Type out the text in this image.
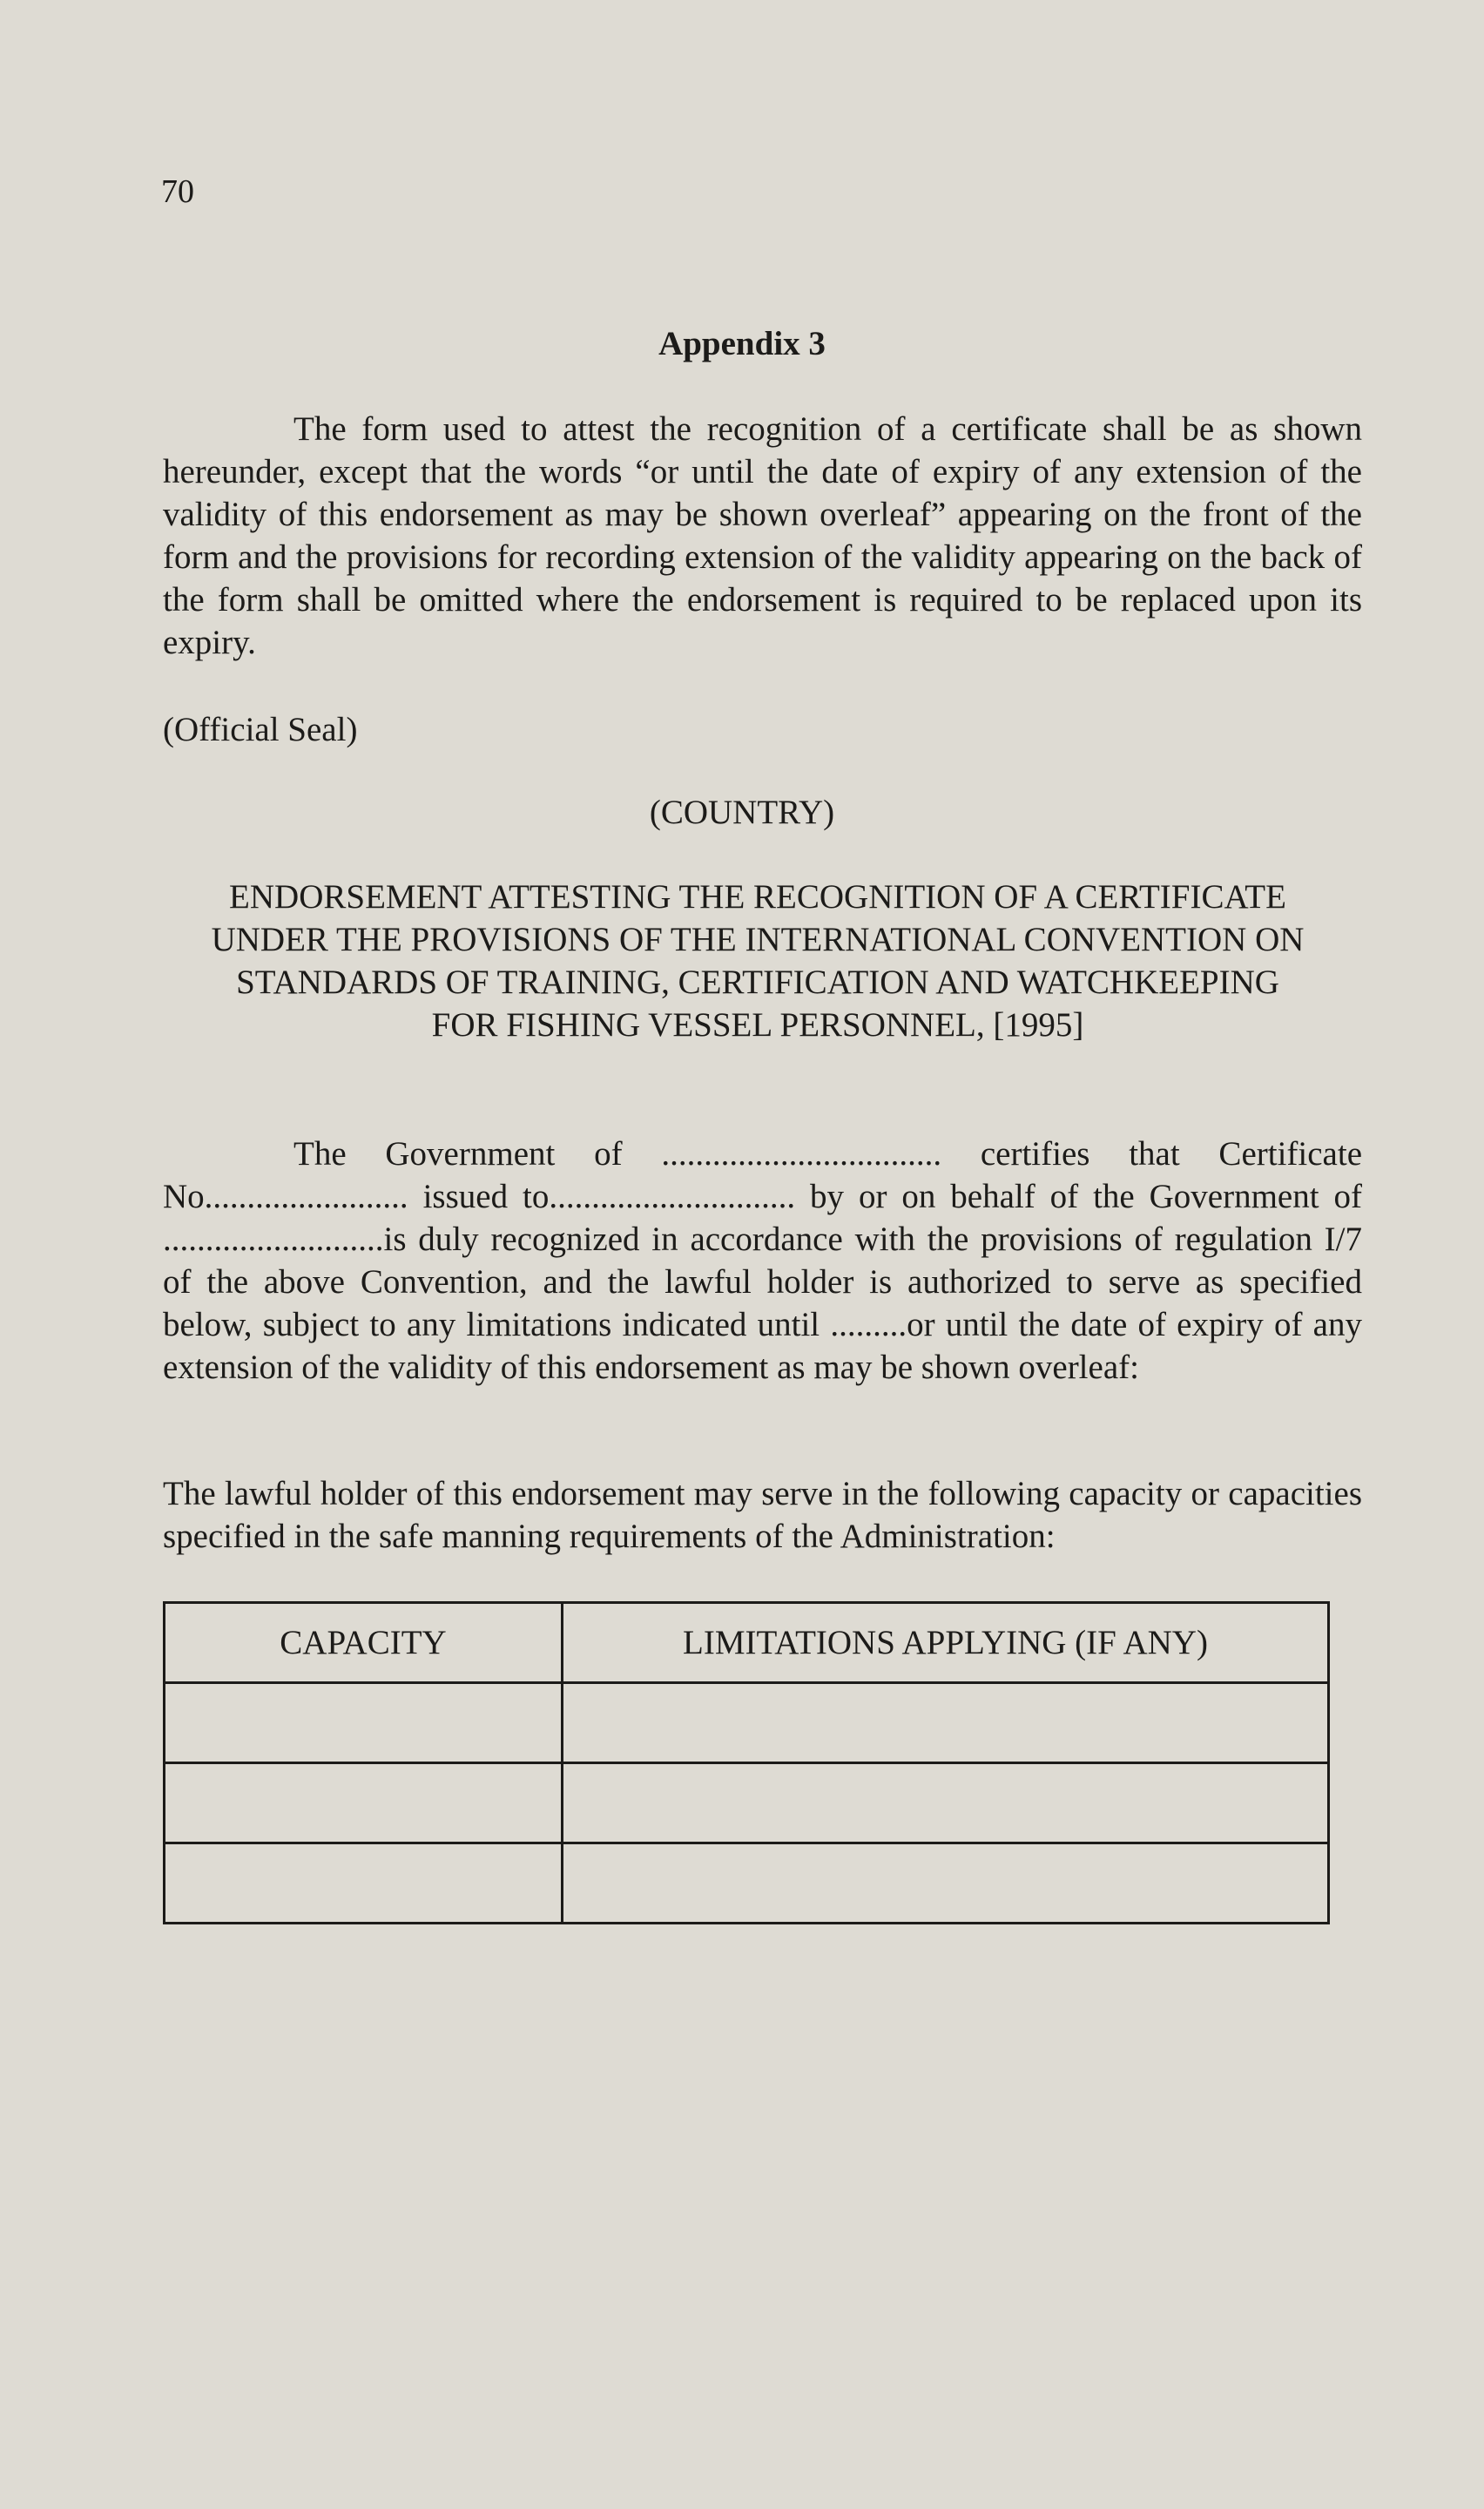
70
Appendix 3
The form used to attest the recognition of a certificate shall be as shown hereunder, except that the words “or until the date of expiry of any extension of the validity of this endorsement as may be shown overleaf” appearing on the front of the form and the provisions for recording extension of the validity appearing on the back of the form shall be omitted where the endorsement is required to be replaced upon its expiry.
(Official Seal)
(COUNTRY)
ENDORSEMENT ATTESTING THE RECOGNITION OF A CERTIFICATE
UNDER THE PROVISIONS OF THE INTERNATIONAL CONVENTION ON
STANDARDS OF TRAINING, CERTIFICATION AND WATCHKEEPING
FOR FISHING VESSEL PERSONNEL, [1995]
The Government of ................................. certifies that Certificate No........................ issued to............................. by or on behalf of the Government of ..........................is duly recognized in accordance with the provisions of regulation I/7 of the above Convention, and the lawful holder is authorized to serve as specified below, subject to any limitations indicated until .........or until the date of expiry of any extension of the validity of this endorsement as may be shown overleaf:
The lawful holder of this endorsement may serve in the following capacity or capacities specified in the safe manning requirements of the Administration:
CAPACITY	LIMITATIONS APPLYING (IF ANY)
